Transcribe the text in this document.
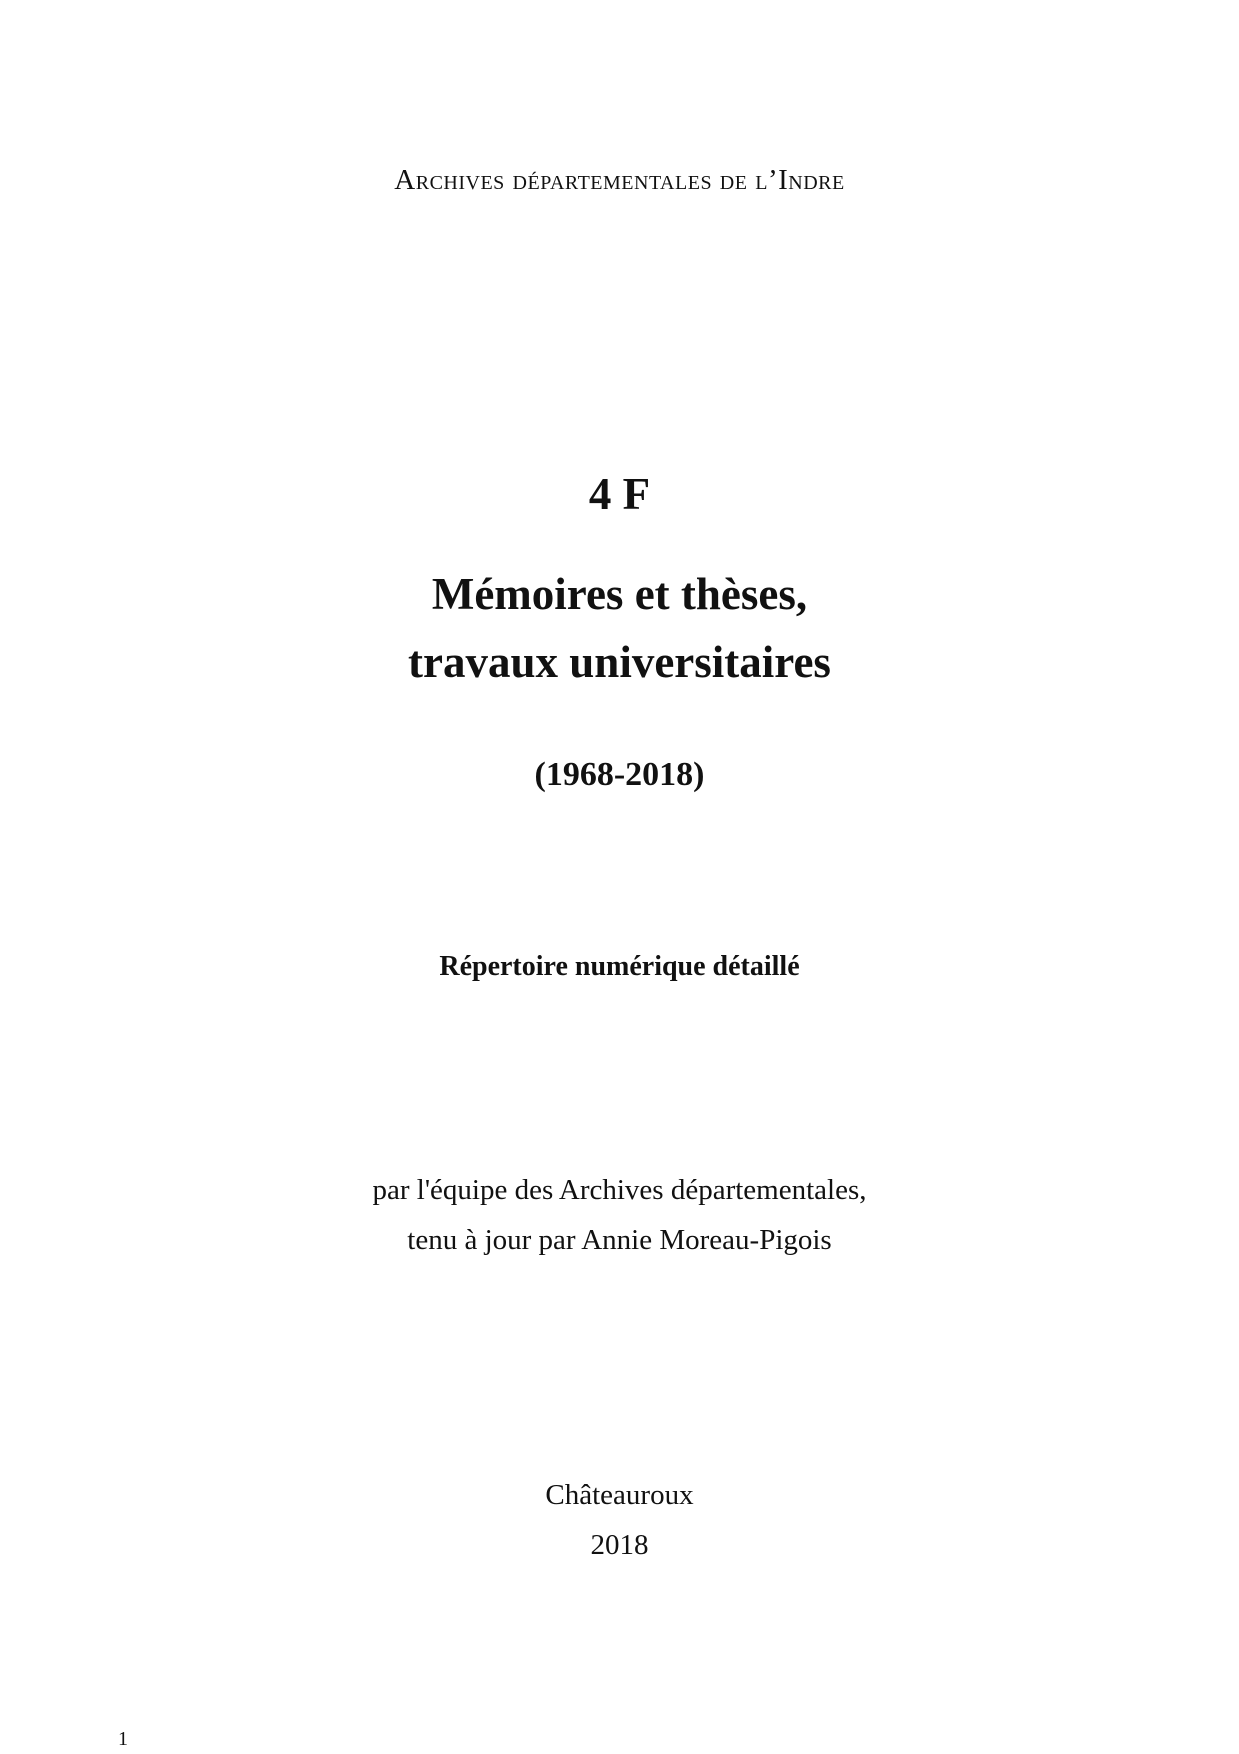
Archives départementales de l’Indre
4 F
Mémoires et thèses,
travaux universitaires
(1968-2018)
Répertoire numérique détaillé
par l'équipe des Archives départementales,
tenu à jour par Annie Moreau-Pigois
Châteauroux
2018
1
